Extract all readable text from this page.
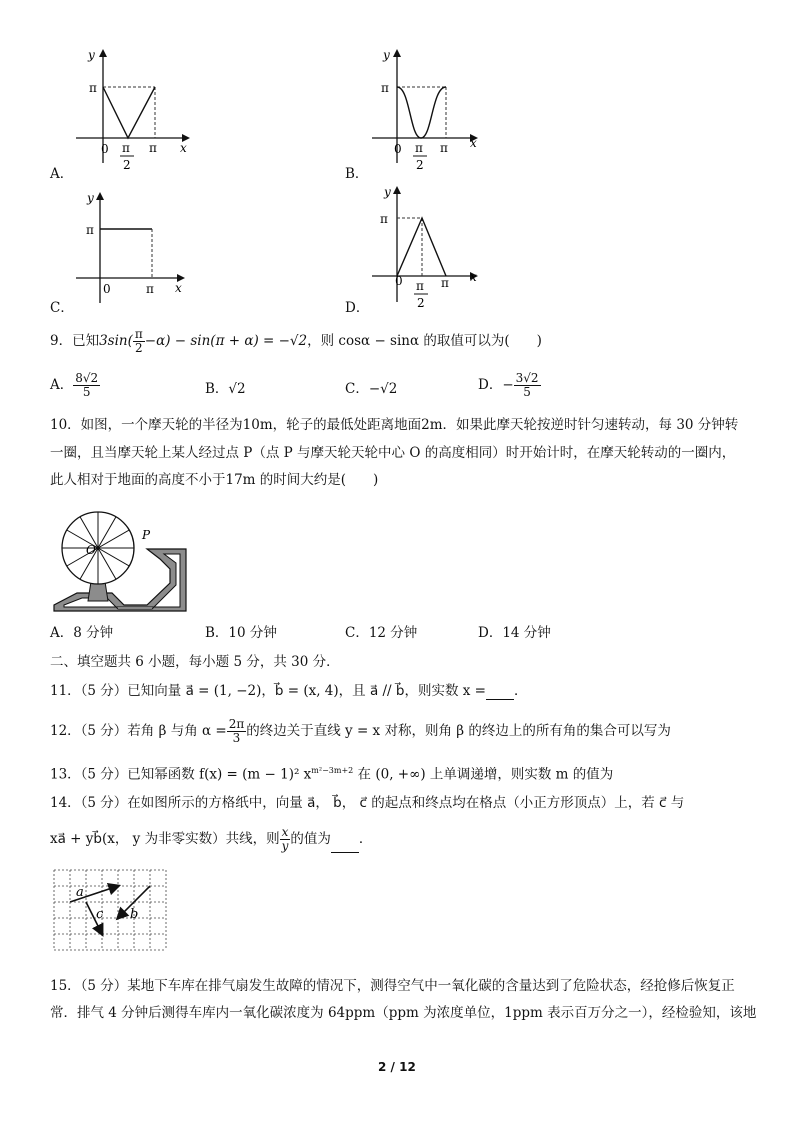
y
x
π
0 π
2
π
A．
y
x
π
0 π
2
π
B．
y
x
π
0	π
C．
y
x
π
0 π
2
π
D．
9．已知$3\sin( \frac{\pi}{2} -\alpha) - \sin(\pi + \alpha) = -√2$，则 cosα − sinα 的取值可以为(　　)
A． $\frac{8√2}{5}$	B．√2	C．−√2	D．− $\frac{3√2}{5}$
10．如图，一个摩天轮的半径为10m，轮子的最低处距离地面2m．如果此摩天轮按逆时针匀速转动，每 30 分钟转
一圈，且当摩天轮上某人经过点 P（点 P 与摩天轮天轮中心 O 的高度相同）时开始计时，在摩天轮转动的一圈内，
此人相对于地面的高度不小于17m 的时间大约是(　　)
P
O
A．8 分钟	B．10 分钟	C．12 分钟	D．14 分钟
二、填空题共 6 小题，每小题 5 分，共 30 分．
11．（5 分）已知向量 a⃗ = (1, −2)，b⃗ = (x, 4)，且 a⃗ // b⃗，则实数 x = ．
12．（5 分）若角 β 与角 $\alpha = \frac{2\pi}{3}$ 的终边关于直线 y = x 对称，则角 β 的终边上的所有角的集合可以写为
13．（5 分）已知幂函数 f(x) = (m − 1)² $x^{m^2-3m+2}$ 在 (0, +∞) 上单调递增，则实数 m 的值为
14．（5 分）在如图所示的方格纸中，向量 a⃗， b⃗， c⃗ 的起点和终点均在格点（小正方形顶点）上，若 c⃗ 与
xa⃗ + yb⃗(x， y 为非零实数）共线，则 $\frac{x}{y}$ 的值为 ．
a
c b
15．（5 分）某地下车库在排气扇发生故障的情况下，测得空气中一氧化碳的含量达到了危险状态，经抢修后恢复正
常．排气 4 分钟后测得车库内一氧化碳浓度为 64ppm（ppm 为浓度单位，1ppm 表示百万分之一），经检验知，该地
2 / 12
